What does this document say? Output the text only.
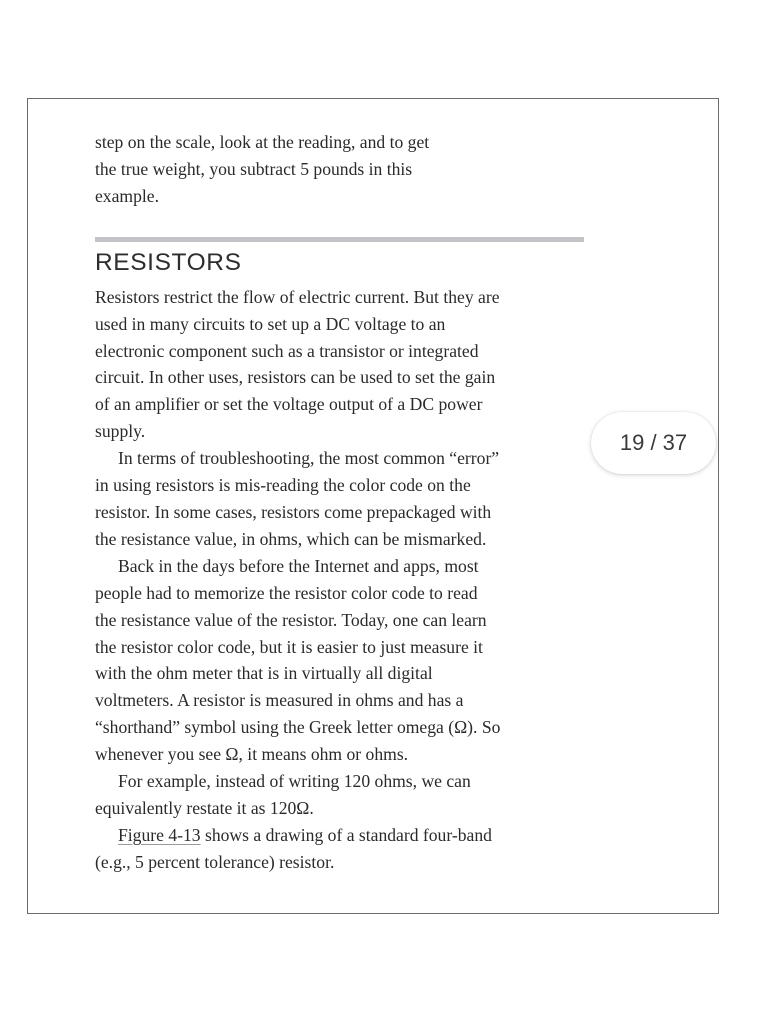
step on the scale, look at the reading, and to get
the true weight, you subtract 5 pounds in this
example.

RESISTORS

Resistors restrict the flow of electric current. But they are
used in many circuits to set up a DC voltage to an
electronic component such as a transistor or integrated
circuit. In other uses, resistors can be used to set the gain
of an amplifier or set the voltage output of a DC power
supply.

In terms of troubleshooting, the most common “error”
in using resistors is mis-reading the color code on the
resistor. In some cases, resistors come prepackaged with
the resistance value, in ohms, which can be mismarked.

Back in the days before the Internet and apps, most
people had to memorize the resistor color code to read
the resistance value of the resistor. Today, one can learn
the resistor color code, but it is easier to just measure it
with the ohm meter that is in virtually all digital
voltmeters. A resistor is measured in ohms and has a
“shorthand” symbol using the Greek letter omega (Ω). So
whenever you see Ω, it means ohm or ohms.

For example, instead of writing 120 ohms, we can
equivalently restate it as 120Ω.

Figure 4-13 shows a drawing of a standard four-band
(e.g., 5 percent tolerance) resistor.

19 / 37
